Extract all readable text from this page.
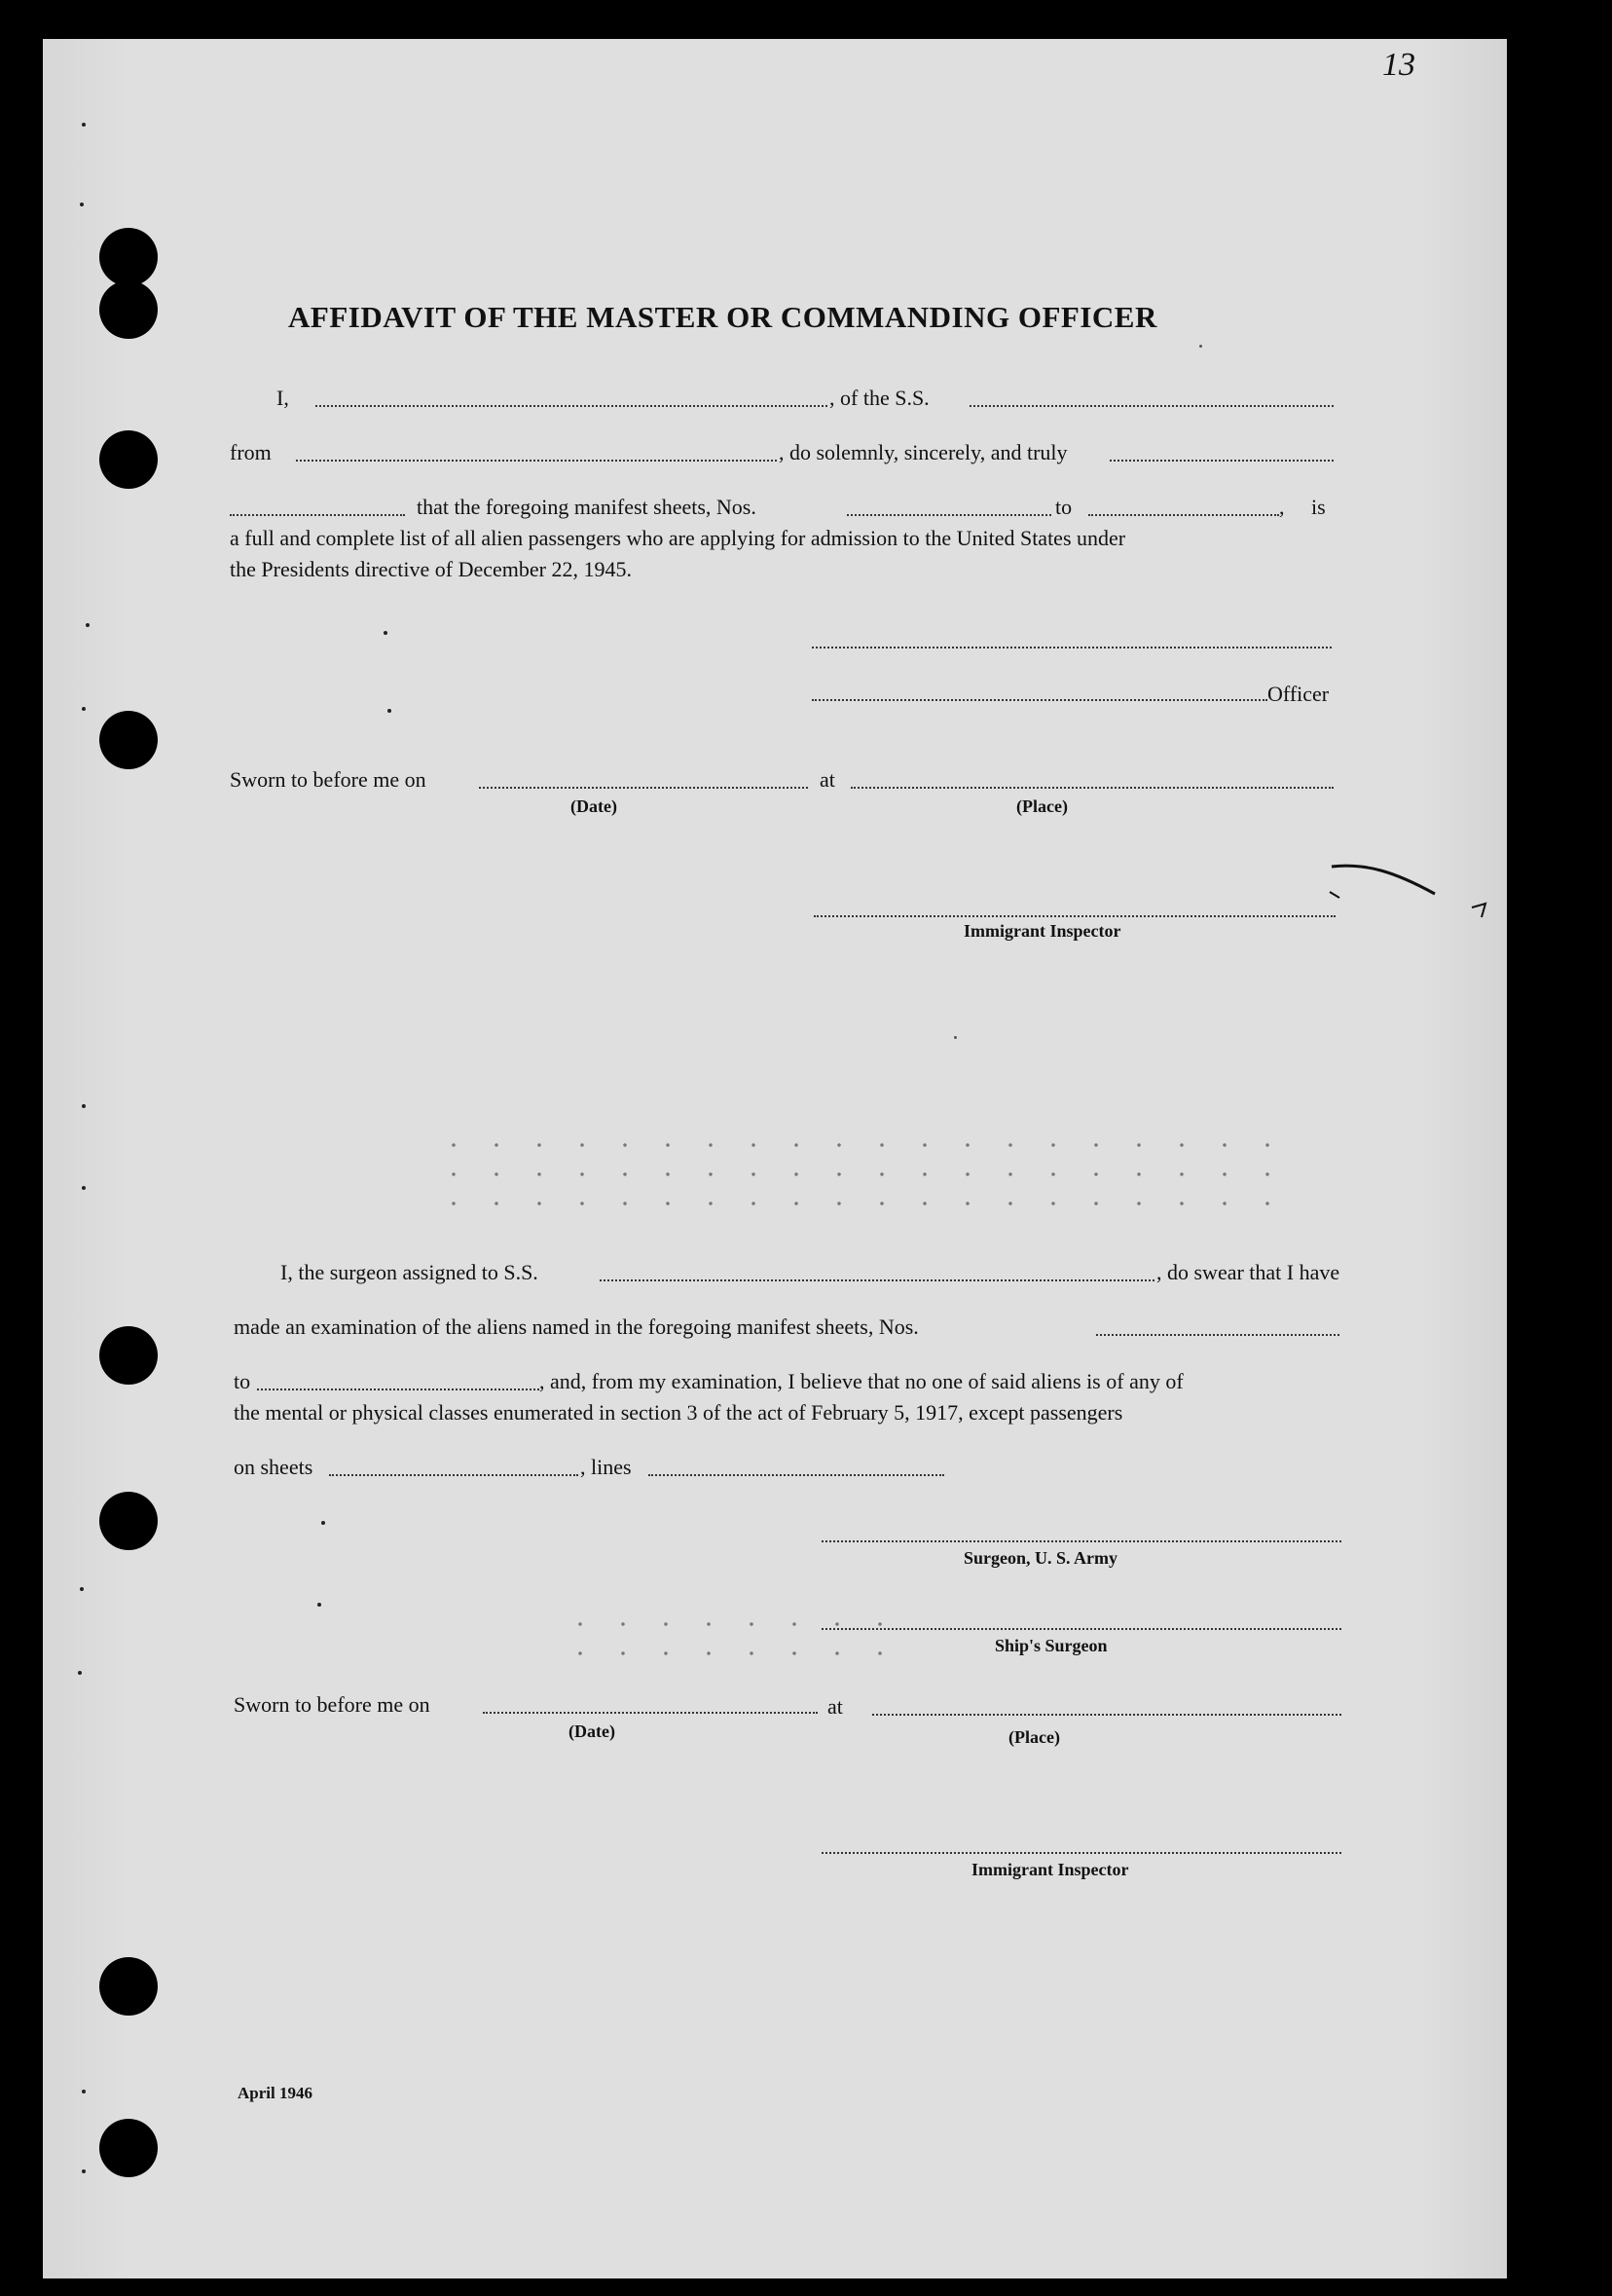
13
AFFIDAVIT OF THE MASTER OR COMMANDING OFFICER
I,	, of the S.S.
from	, do solemnly, sincerely, and truly
that the foregoing manifest sheets, Nos.	to	, is
a full and complete list of all alien passengers who are applying for admission to the United States under
the Presidents directive of December 22, 1945.
Officer
Sworn to before me on	at
(Date)	(Place)
Immigrant Inspector
I, the surgeon assigned to S.S.	, do swear that I have
made an examination of the aliens named in the foregoing manifest sheets, Nos.
to	, and, from my examination, I believe that no one of said aliens is of any of
the mental or physical classes enumerated in section 3 of the act of February 5, 1917, except passengers
on sheets	, lines
Surgeon, U. S. Army
Ship's Surgeon
Sworn to before me on	at
(Date)	(Place)
Immigrant Inspector
April 1946
